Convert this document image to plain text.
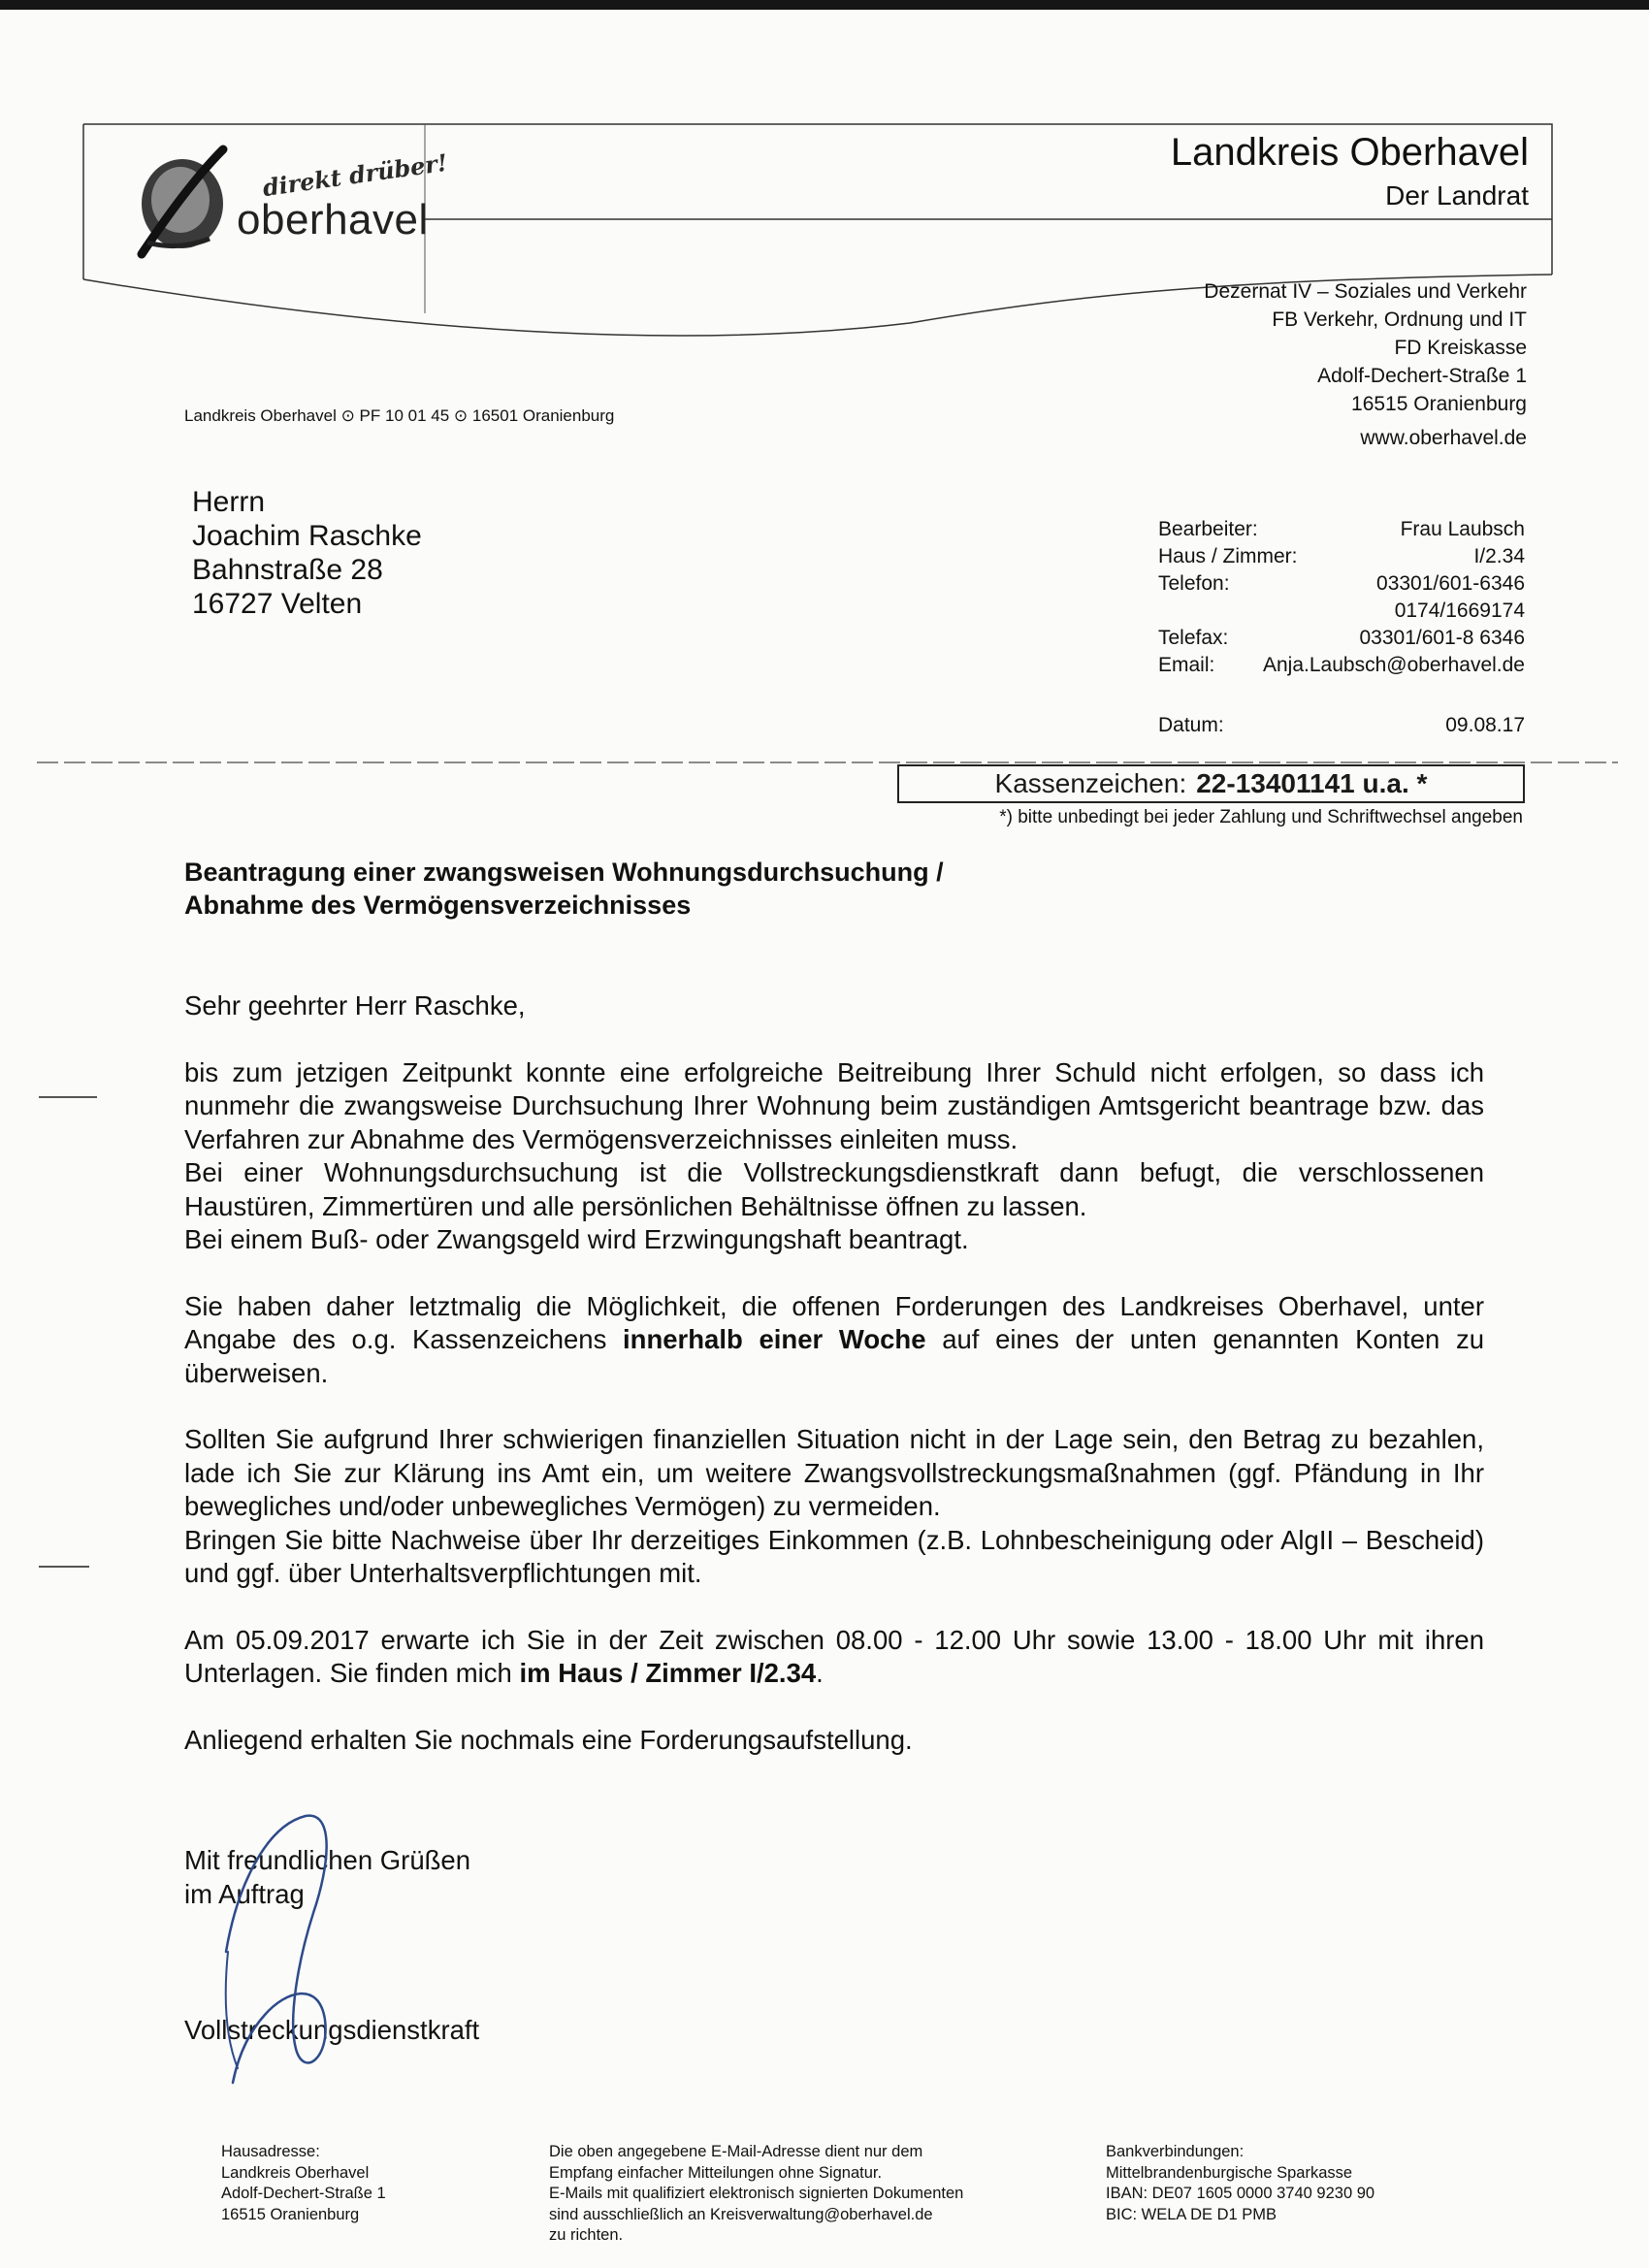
direkt drüber!
oberhavel
Landkreis Oberhavel
Der Landrat
Dezernat IV – Soziales und Verkehr
FB Verkehr, Ordnung und IT
FD Kreiskasse
Adolf-Dechert-Straße 1
16515 Oranienburg
www.oberhavel.de
Landkreis Oberhavel ⊙ PF 10 01 45 ⊙ 16501 Oranienburg
Herrn
Joachim Raschke
Bahnstraße 28
16727 Velten
Bearbeiter:	Frau Laubsch
Haus / Zimmer:	I/2.34
Telefon:	03301/601-6346
0174/1669174
Telefax:	03301/601-8 6346
Email: Anja.Laubsch@oberhavel.de
Datum:	09.08.17
Kassenzeichen: 22-13401141 u.a. *
*) bitte unbedingt bei jeder Zahlung und Schriftwechsel angeben
Beantragung einer zwangsweisen Wohnungsdurchsuchung /
Abnahme des Vermögensverzeichnisses

Sehr geehrter Herr Raschke,

bis zum jetzigen Zeitpunkt konnte eine erfolgreiche Beitreibung Ihrer Schuld nicht erfolgen, so dass ich nunmehr die zwangsweise Durchsuchung Ihrer Wohnung beim zuständigen Amtsgericht beantrage bzw. das Verfahren zur Abnahme des Vermögensverzeichnisses einleiten muss.

Bei einer Wohnungsdurchsuchung ist die Vollstreckungsdienstkraft dann befugt, die verschlossenen Haustüren, Zimmertüren und alle persönlichen Behältnisse öffnen zu lassen.

Bei einem Buß- oder Zwangsgeld wird Erzwingungshaft beantragt.

Sie haben daher letztmalig die Möglichkeit, die offenen Forderungen des Landkreises Oberhavel, unter Angabe des o.g. Kassenzeichens innerhalb einer Woche auf eines der unten genannten Konten zu überweisen.

Sollten Sie aufgrund Ihrer schwierigen finanziellen Situation nicht in der Lage sein, den Betrag zu bezahlen, lade ich Sie zur Klärung ins Amt ein, um weitere Zwangsvollstreckungsmaßnahmen (ggf. Pfändung in Ihr bewegliches und/oder unbewegliches Vermögen) zu vermeiden.

Bringen Sie bitte Nachweise über Ihr derzeitiges Einkommen (z.B. Lohnbescheinigung oder AlgII – Bescheid) und ggf. über Unterhaltsverpflichtungen mit.

Am 05.09.2017 erwarte ich Sie in der Zeit zwischen 08.00 - 12.00 Uhr sowie 13.00 - 18.00 Uhr mit ihren Unterlagen. Sie finden mich im Haus / Zimmer I/2.34.

Anliegend erhalten Sie nochmals eine Forderungsaufstellung.

Mit freundlichen Grüßen
im Auftrag
Vollstreckungsdienstkraft
Hausadresse:
Landkreis Oberhavel
Adolf-Dechert-Straße 1
16515 Oranienburg
Die oben angegebene E-Mail-Adresse dient nur dem
Empfang einfacher Mitteilungen ohne Signatur.
E-Mails mit qualifiziert elektronisch signierten Dokumenten
sind ausschließlich an Kreisverwaltung@oberhavel.de
zu richten.
Bankverbindungen:
Mittelbrandenburgische Sparkasse
IBAN: DE07 1605 0000 3740 9230 90
BIC: WELA DE D1 PMB
